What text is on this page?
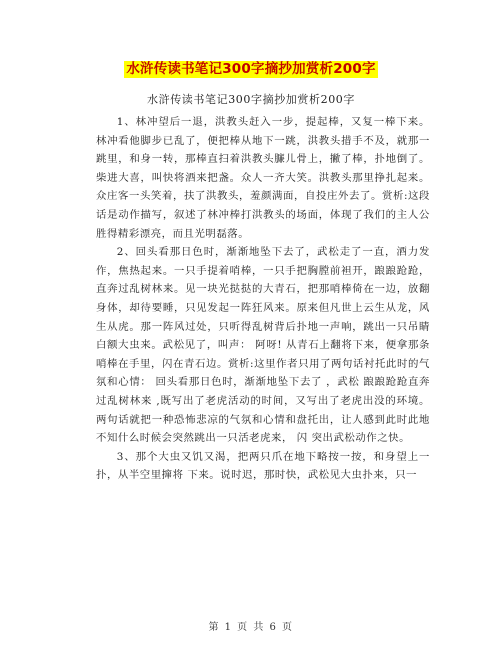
水浒传读书笔记300字摘抄加赏析200字
水浒传读书笔记300字摘抄加赏析200字

1、林冲望后一退，洪教头赶入一步，提起棒，又复一棒下来。林冲看他脚步已乱了，便把棒从地下一跳，洪教头措手不及，就那一跳里，和身一转，那棒直扫着洪教头臁儿骨上，撇了棒，扑地倒了。柴进大喜，叫快将酒来把盏。众人一齐大笑。洪教头那里挣扎起来。众庄客一头笑着，扶了洪教头，羞颜满面，自投庄外去了。赏析:这段话是动作描写，叙述了林冲棒打洪教头的场面，体现了我们的主人公胜得精彩漂亮，而且光明磊落。

2、回头看那日色时，渐渐地坠下去了，武松走了一直，酒力发作，焦热起来。一只手提着哨棒，一只手把胸膛前袒开，踉踉跄跄，直奔过乱树林来。见一块光挞挞的大青石，把那哨棒倚在一边，放翻身体，却待要睡，只见发起一阵狂风来。原来但凡世上云生从龙，风生从虎。那一阵风过处，只听得乱树背后扑地一声响，跳出一只吊睛白额大虫来。武松见了，叫声： 阿呀! 从青石上翻将下来，便拿那条哨棒在手里，闪在青石边。赏析:这里作者只用了两句话衬托此时的气氛和心情： 回头看那日色时，渐渐地坠下去了 ，武松 踉踉跄跄直奔过乱树林来 ,既写出了老虎活动的时间，又写出了老虎出没的环境。两句话就把一种恐怖悲凉的气氛和心情和盘托出，让人感到此时此地不知什么时候会突然跳出一只活老虎来， 闪 突出武松动作之快。

3、那个大虫又饥又渴，把两只爪在地下略按一按，和身望上一扑，从半空里撺将 下来。说时迟，那时快，武松见大虫扑来，只一

第 1 页 共 6 页
